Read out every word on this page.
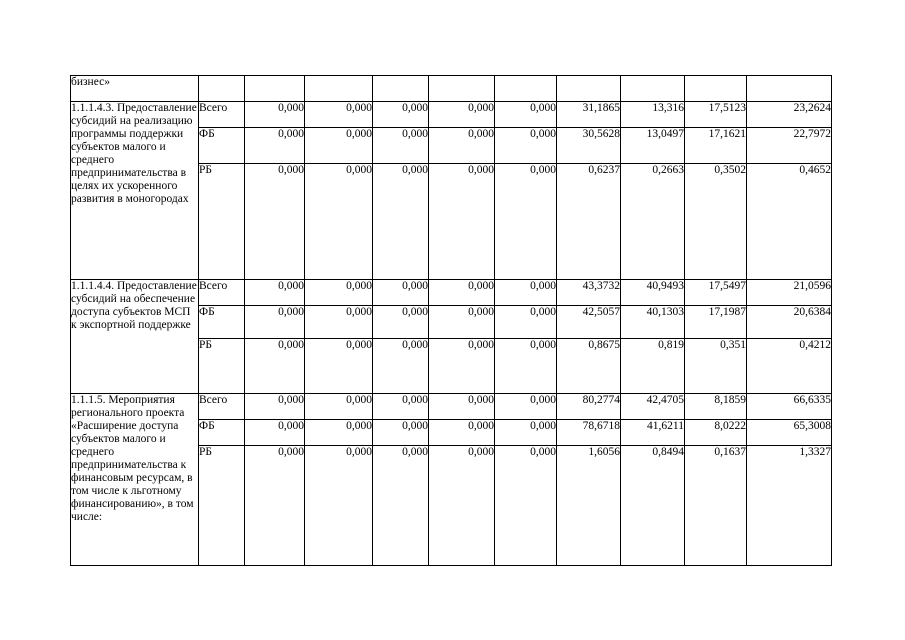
бизнес»										
1.1.1.4.3. Предоставление субсидий на реализацию программы поддержки субъектов малого и среднего предпринимательства в целях их ускоренного развития в моногородах	Всего	0,000	0,000	0,000	0,000	0,000	31,1865	13,316	17,5123	23,2624
	ФБ	0,000	0,000	0,000	0,000	0,000	30,5628	13,0497	17,1621	22,7972
	РБ	0,000	0,000	0,000	0,000	0,000	0,6237	0,2663	0,3502	0,4652
1.1.1.4.4. Предоставление субсидий на обеспечение доступа субъектов МСП к экспортной поддержке	Всего	0,000	0,000	0,000	0,000	0,000	43,3732	40,9493	17,5497	21,0596
	ФБ	0,000	0,000	0,000	0,000	0,000	42,5057	40,1303	17,1987	20,6384
	РБ	0,000	0,000	0,000	0,000	0,000	0,8675	0,819	0,351	0,4212
1.1.1.5. Мероприятия регионального проекта «Расширение доступа субъектов малого и среднего предпринимательства к финансовым ресурсам, в том числе к льготному финансированию», в том числе:	Всего	0,000	0,000	0,000	0,000	0,000	80,2774	42,4705	8,1859	66,6335
	ФБ	0,000	0,000	0,000	0,000	0,000	78,6718	41,6211	8,0222	65,3008
	РБ	0,000	0,000	0,000	0,000	0,000	1,6056	0,8494	0,1637	1,3327
